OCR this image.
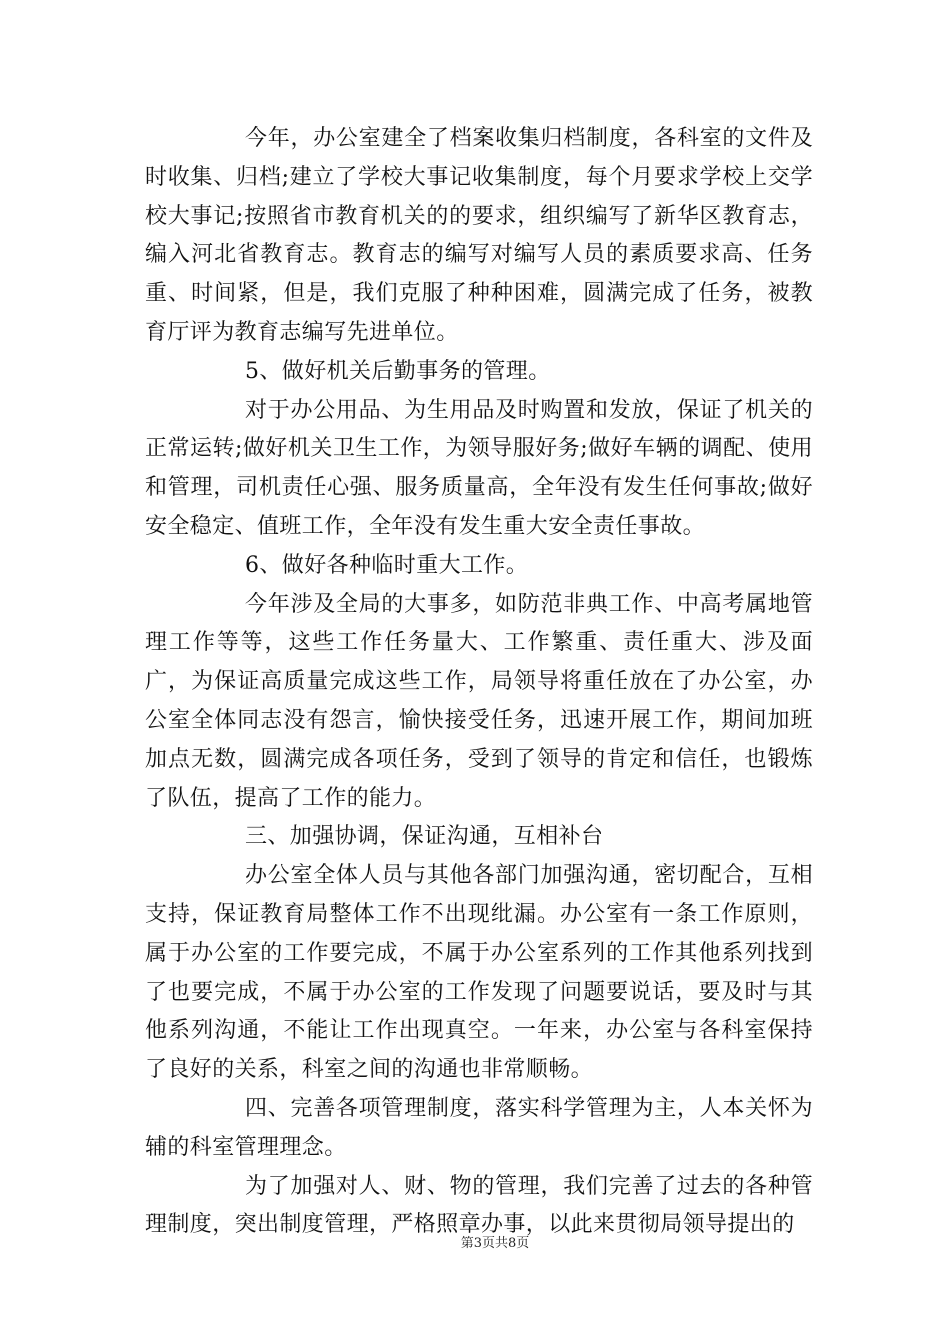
今年，办公室建全了档案收集归档制度，各科室的文件及时收集、归档;建立了学校大事记收集制度，每个月要求学校上交学校大事记;按照省市教育机关的的要求，组织编写了新华区教育志，编入河北省教育志。教育志的编写对编写人员的素质要求高、任务重、时间紧，但是，我们克服了种种困难，圆满完成了任务，被教育厅评为教育志编写先进单位。

5、做好机关后勤事务的管理。

对于办公用品、为生用品及时购置和发放，保证了机关的正常运转;做好机关卫生工作，为领导服好务;做好车辆的调配、使用和管理，司机责任心强、服务质量高，全年没有发生任何事故;做好安全稳定、值班工作，全年没有发生重大安全责任事故。

6、做好各种临时重大工作。

今年涉及全局的大事多，如防范非典工作、中高考属地管理工作等等，这些工作任务量大、工作繁重、责任重大、涉及面广，为保证高质量完成这些工作，局领导将重任放在了办公室，办公室全体同志没有怨言，愉快接受任务，迅速开展工作，期间加班加点无数，圆满完成各项任务，受到了领导的肯定和信任，也锻炼了队伍，提高了工作的能力。

三、加强协调，保证沟通，互相补台

办公室全体人员与其他各部门加强沟通，密切配合，互相支持，保证教育局整体工作不出现纰漏。办公室有一条工作原则，属于办公室的工作要完成，不属于办公室系列的工作其他系列找到了也要完成，不属于办公室的工作发现了问题要说话，要及时与其他系列沟通，不能让工作出现真空。一年来，办公室与各科室保持了良好的关系，科室之间的沟通也非常顺畅。

四、完善各项管理制度，落实科学管理为主，人本关怀为辅的科室管理理念。

为了加强对人、财、物的管理，我们完善了过去的各种管理制度，突出制度管理，严格照章办事，以此来贯彻局领导提出的

第3页共8页
